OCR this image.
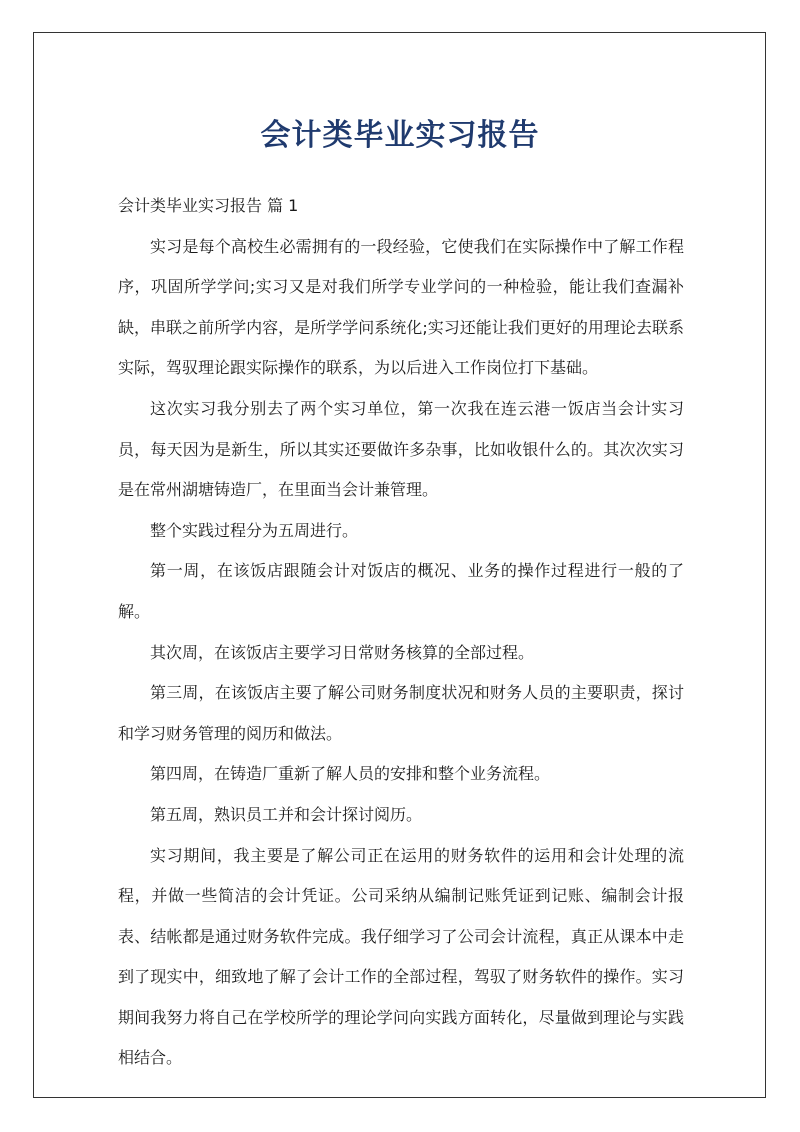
会计类毕业实习报告

会计类毕业实习报告 篇 1

实习是每个高校生必需拥有的一段经验，它使我们在实际操作中了解工作程序，巩固所学学问;实习又是对我们所学专业学问的一种检验，能让我们查漏补缺，串联之前所学内容，是所学学问系统化;实习还能让我们更好的用理论去联系实际，驾驭理论跟实际操作的联系，为以后进入工作岗位打下基础。

这次实习我分别去了两个实习单位，第一次我在连云港一饭店当会计实习员，每天因为是新生，所以其实还要做许多杂事，比如收银什么的。其次次实习是在常州湖塘铸造厂，在里面当会计兼管理。

整个实践过程分为五周进行。

第一周，在该饭店跟随会计对饭店的概况、业务的操作过程进行一般的了解。

其次周，在该饭店主要学习日常财务核算的全部过程。

第三周，在该饭店主要了解公司财务制度状况和财务人员的主要职责，探讨和学习财务管理的阅历和做法。

第四周，在铸造厂重新了解人员的安排和整个业务流程。

第五周，熟识员工并和会计探讨阅历。

实习期间，我主要是了解公司正在运用的财务软件的运用和会计处理的流程，并做一些简洁的会计凭证。公司采纳从编制记账凭证到记账、编制会计报表、结帐都是通过财务软件完成。我仔细学习了公司会计流程，真正从课本中走到了现实中，细致地了解了会计工作的全部过程，驾驭了财务软件的操作。实习期间我努力将自己在学校所学的理论学问向实践方面转化，尽量做到理论与实践相结合。
